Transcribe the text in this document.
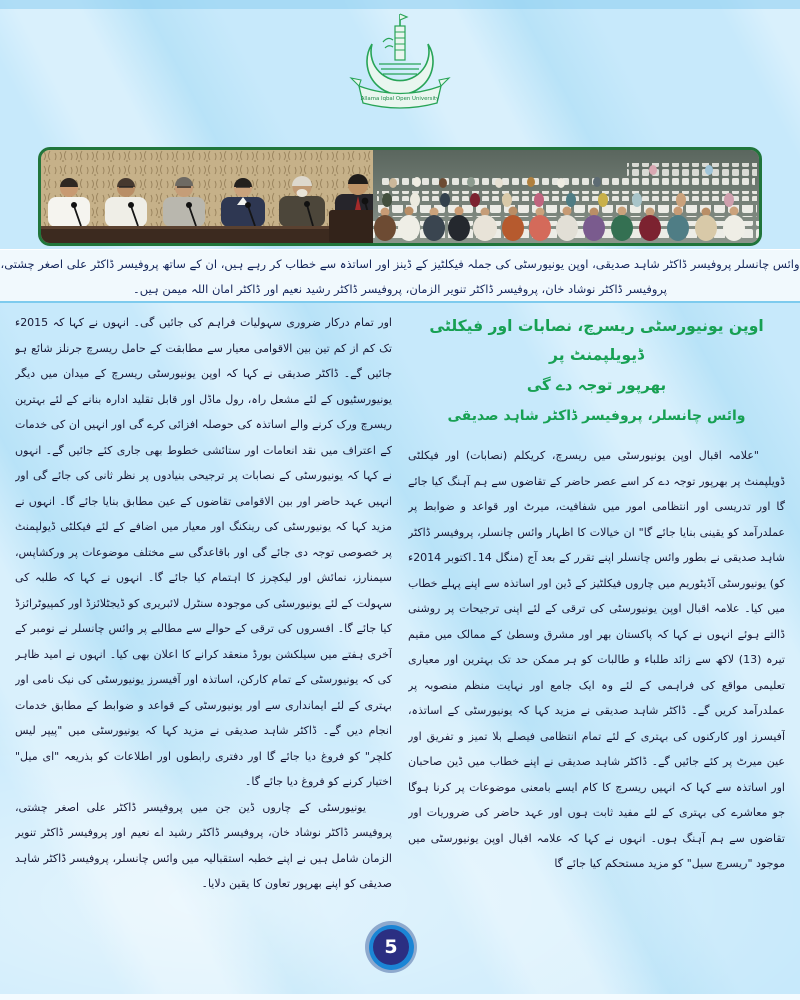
Allama Iqbal Open University
وائس چانسلر پروفیسر ڈاکٹر شاہد صدیقی، اوپن یونیورسٹی کی جملہ فیکلٹیز کے ڈینز اور اساتذہ سے خطاب کر رہے ہیں، ان کے ساتھ پروفیسر ڈاکٹر علی اصغر چشتی،
پروفیسر ڈاکٹر نوشاد خان، پروفیسر ڈاکٹر تنویر الزمان، پروفیسر ڈاکٹر رشید نعیم اور ڈاکٹر امان اللہ میمن ہیں۔
اوپن یونیورسٹی ریسرچ، نصابات اور فیکلٹی ڈیویلپمنٹ پر
بھرپور توجہ دے گی
وائس چانسلر، پروفیسر ڈاکٹر شاہد صدیقی

"علامہ اقبال اوپن یونیورسٹی میں ریسرچ، کریکلم (نصابات) اور فیکلٹی ڈویلپمنٹ پر بھرپور توجہ دے کر اسے عصر حاضر کے تقاضوں سے ہم آہنگ کیا جائے گا اور تدریسی اور انتظامی امور میں شفافیت، میرٹ اور قواعد و ضوابط پر عملدرآمد کو یقینی بنایا جائے گا" ان خیالات کا اظہار وائس چانسلر، پروفیسر ڈاکٹر شاہد صدیقی نے بطور وائس چانسلر اپنے تقرر کے بعد آج (منگل 14۔اکتوبر 2014ء کو) یونیورسٹی آڈیٹوریم میں چاروں فیکلٹیز کے ڈین اور اساتذہ سے اپنے پہلے خطاب میں کیا۔ علامہ اقبال اوپن یونیورسٹی کی ترقی کے لئے اپنی ترجیحات پر روشنی ڈالتے ہوئے انہوں نے کہا کہ پاکستان بھر اور مشرق وسطیٰ کے ممالک میں مقیم تیرہ (13) لاکھ سے زائد طلباء و طالبات کو ہر ممکن حد تک بہترین اور معیاری تعلیمی مواقع کی فراہمی کے لئے وہ ایک جامع اور نہایت منظم منصوبہ پر عملدرآمد کریں گے۔ ڈاکٹر شاہد صدیقی نے مزید کہا کہ یونیورسٹی کے اساتذہ، آفیسرز اور کارکنوں کی بہتری کے لئے تمام انتظامی فیصلے بلا تمیز و تفریق اور عین میرٹ پر کئے جائیں گے۔ ڈاکٹر شاہد صدیقی نے اپنے خطاب میں ڈین صاحبان اور اساتذہ سے کہا کہ انہیں ریسرچ کا کام ایسے بامعنی موضوعات پر کرنا ہوگا جو معاشرے کی بہتری کے لئے مفید ثابت ہوں اور عہد حاضر کی ضروریات اور تقاضوں سے ہم آہنگ ہوں۔ انہوں نے کہا کہ علامہ اقبال اوپن یونیورسٹی میں موجود "ریسرچ سیل" کو مزید مستحکم کیا جائے گا

اور تمام درکار ضروری سہولیات فراہم کی جائیں گی۔ انہوں نے کہا کہ 2015ء تک کم از کم تین بین الاقوامی معیار سے مطابقت کے حامل ریسرچ جرنلز شائع ہو جائیں گے۔ ڈاکٹر صدیقی نے کہا کہ اوپن یونیورسٹی ریسرچ کے میدان میں دیگر یونیورسٹیوں کے لئے مشعل راہ، رول ماڈل اور قابل تقلید ادارہ بنانے کے لئے بہترین ریسرچ ورک کرنے والے اساتذہ کی حوصلہ افزائی کرے گی اور انہیں ان کی خدمات کے اعتراف میں نقد انعامات اور ستائشی خطوط بھی جاری کئے جائیں گے۔ انہوں نے کہا کہ یونیورسٹی کے نصابات پر ترجیحی بنیادوں پر نظر ثانی کی جائے گی اور انہیں عہد حاضر اور بین الاقوامی تقاضوں کے عین مطابق بنایا جائے گا۔ انہوں نے مزید کہا کہ یونیورسٹی کی رینکنگ اور معیار میں اضافے کے لئے فیکلٹی ڈیولپمنٹ پر خصوصی توجہ دی جائے گی اور باقاعدگی سے مختلف موضوعات پر ورکشاپس، سیمنارز، نمائش اور لیکچرز کا اہتمام کیا جائے گا۔ انہوں نے کہا کہ طلبہ کی سہولت کے لئے یونیورسٹی کی موجودہ سنٹرل لائبریری کو ڈیجٹلائزڈ اور کمپیوٹرائزڈ کیا جائے گا۔ افسروں کی ترقی کے حوالے سے مطالبے پر وائس چانسلر نے نومبر کے آخری ہفتے میں سیلکشن بورڈ منعقد کرانے کا اعلان بھی کیا۔ انہوں نے امید ظاہر کی کہ یونیورسٹی کے تمام کارکن، اساتذہ اور آفیسرز یونیورسٹی کی نیک نامی اور بہتری کے لئے ایمانداری سے اور یونیورسٹی کے قواعد و ضوابط کے مطابق خدمات انجام دیں گے۔ ڈاکٹر شاہد صدیقی نے مزید کہا کہ یونیورسٹی میں "پیپر لیس کلچر" کو فروغ دیا جائے گا اور دفتری رابطوں اور اطلاعات کو بذریعہ "ای میل" اختیار کرنے کو فروغ دیا جائے گا۔

یونیورسٹی کے چاروں ڈین جن میں پروفیسر ڈاکٹر علی اصغر چشتی، پروفیسر ڈاکٹر نوشاد خان، پروفیسر ڈاکٹر رشید اے نعیم اور پروفیسر ڈاکٹر تنویر الزمان شامل ہیں نے اپنے خطبہ استقبالیہ میں وائس چانسلر، پروفیسر ڈاکٹر شاہد صدیقی کو اپنے بھرپور تعاون کا یقین دلایا۔

5
